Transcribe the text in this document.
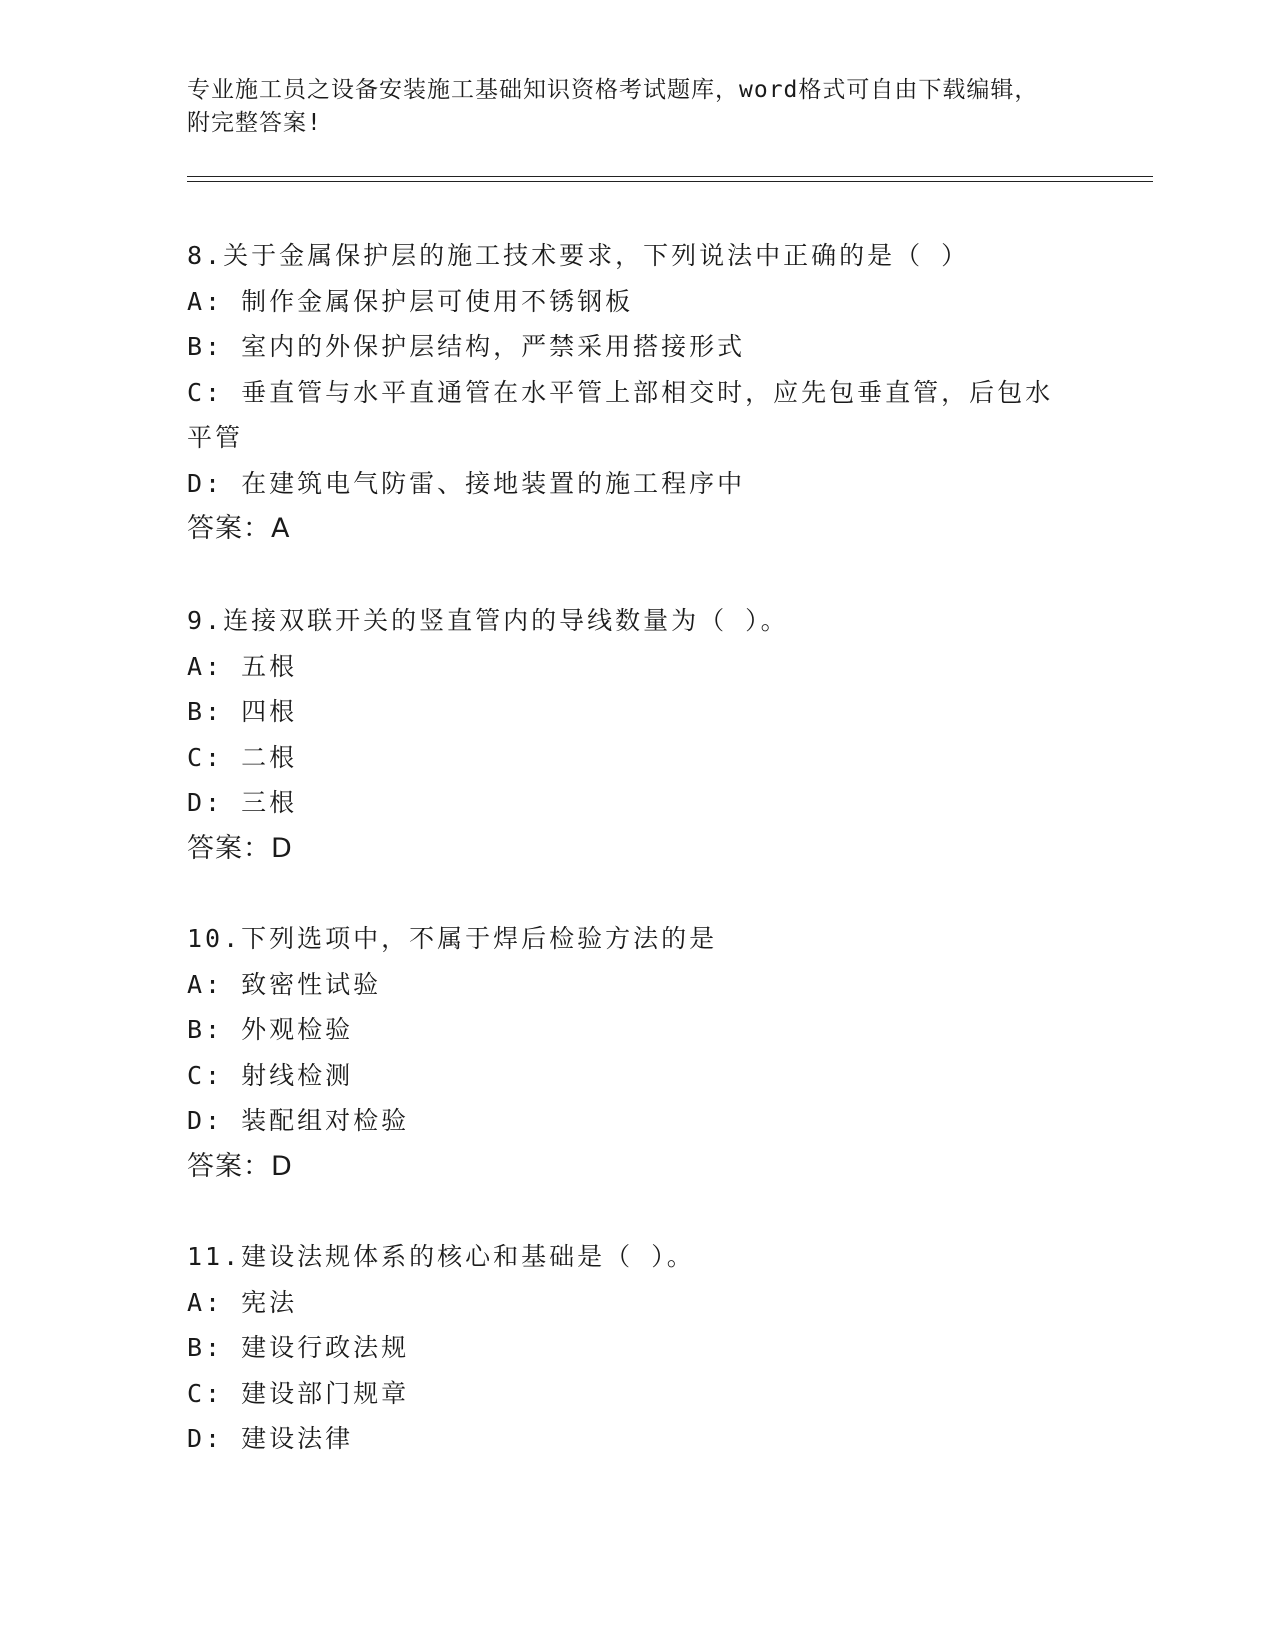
专业施工员之设备安装施工基础知识资格考试题库，word格式可自由下载编辑，
附完整答案!
8.关于金属保护层的施工技术要求，下列说法中正确的是（ ）
A: 制作金属保护层可使用不锈钢板
B: 室内的外保护层结构，严禁采用搭接形式
C: 垂直管与水平直通管在水平管上部相交时，应先包垂直管，后包水平管
D: 在建筑电气防雷、接地装置的施工程序中
答案：A
9.连接双联开关的竖直管内的导线数量为（ ）。
A: 五根
B: 四根
C: 二根
D: 三根
答案：D
10.下列选项中，不属于焊后检验方法的是
A: 致密性试验
B: 外观检验
C: 射线检测
D: 装配组对检验
答案：D
11.建设法规体系的核心和基础是（ ）。
A: 宪法
B: 建设行政法规
C: 建设部门规章
D: 建设法律
